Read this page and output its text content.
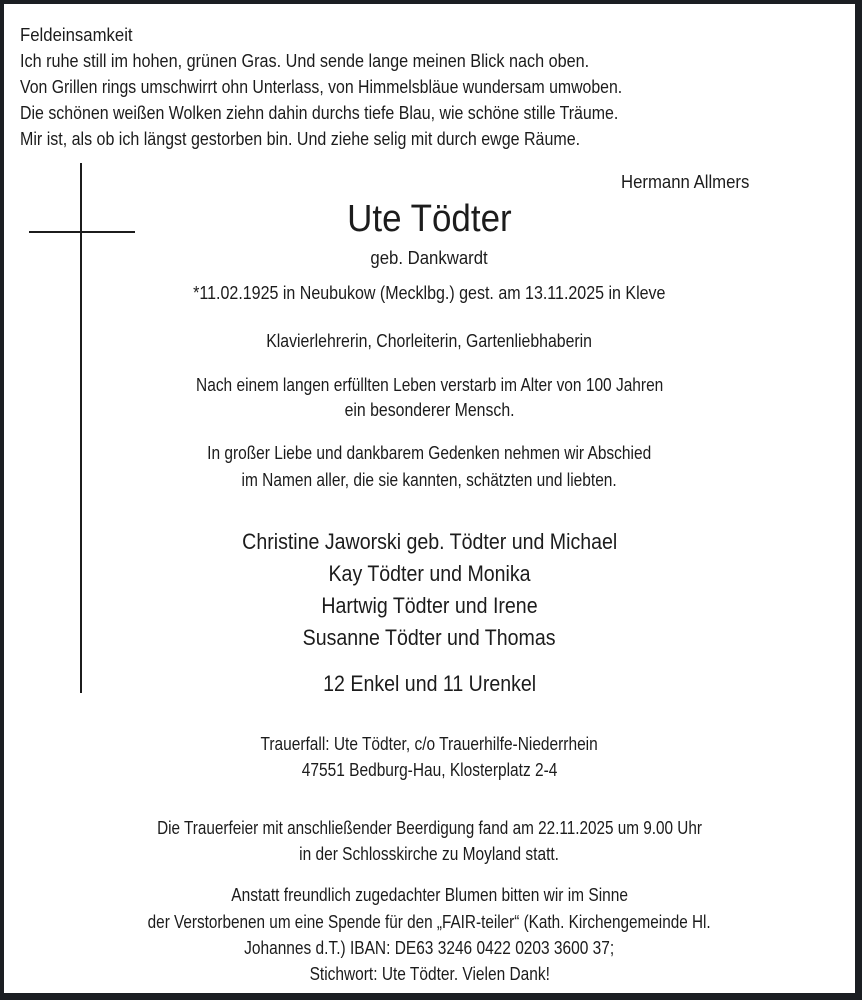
Feldeinsamkeit
Ich ruhe still im hohen, grünen Gras. Und sende lange meinen Blick nach oben.
Von Grillen rings umschwirrt ohn Unterlass, von Himmelsbläue wundersam umwoben.
Die schönen weißen Wolken ziehn dahin durchs tiefe Blau, wie schöne stille Träume.
Mir ist, als ob ich längst gestorben bin. Und ziehe selig mit durch ewge Räume.
Hermann Allmers
Ute Tödter
geb. Dankwardt
*11.02.1925 in Neubukow (Mecklbg.) gest. am 13.11.2025 in Kleve
Klavierlehrerin, Chorleiterin, Gartenliebhaberin
Nach einem langen erfüllten Leben verstarb im Alter von 100 Jahren
ein besonderer Mensch.
In großer Liebe und dankbarem Gedenken nehmen wir Abschied
im Namen aller, die sie kannten, schätzten und liebten.
Christine Jaworski geb. Tödter und Michael
Kay Tödter und Monika
Hartwig Tödter und Irene
Susanne Tödter und Thomas
12 Enkel und 11 Urenkel
Trauerfall: Ute Tödter, c/o Trauerhilfe-Niederrhein
47551 Bedburg-Hau, Klosterplatz 2-4
Die Trauerfeier mit anschließender Beerdigung fand am 22.11.2025 um 9.00 Uhr
in der Schlosskirche zu Moyland statt.
Anstatt freundlich zugedachter Blumen bitten wir im Sinne
der Verstorbenen um eine Spende für den „FAIR-teiler“ (Kath. Kirchengemeinde Hl.
Johannes d.T.) IBAN: DE63 3246 0422 0203 3600 37;
Stichwort: Ute Tödter. Vielen Dank!
